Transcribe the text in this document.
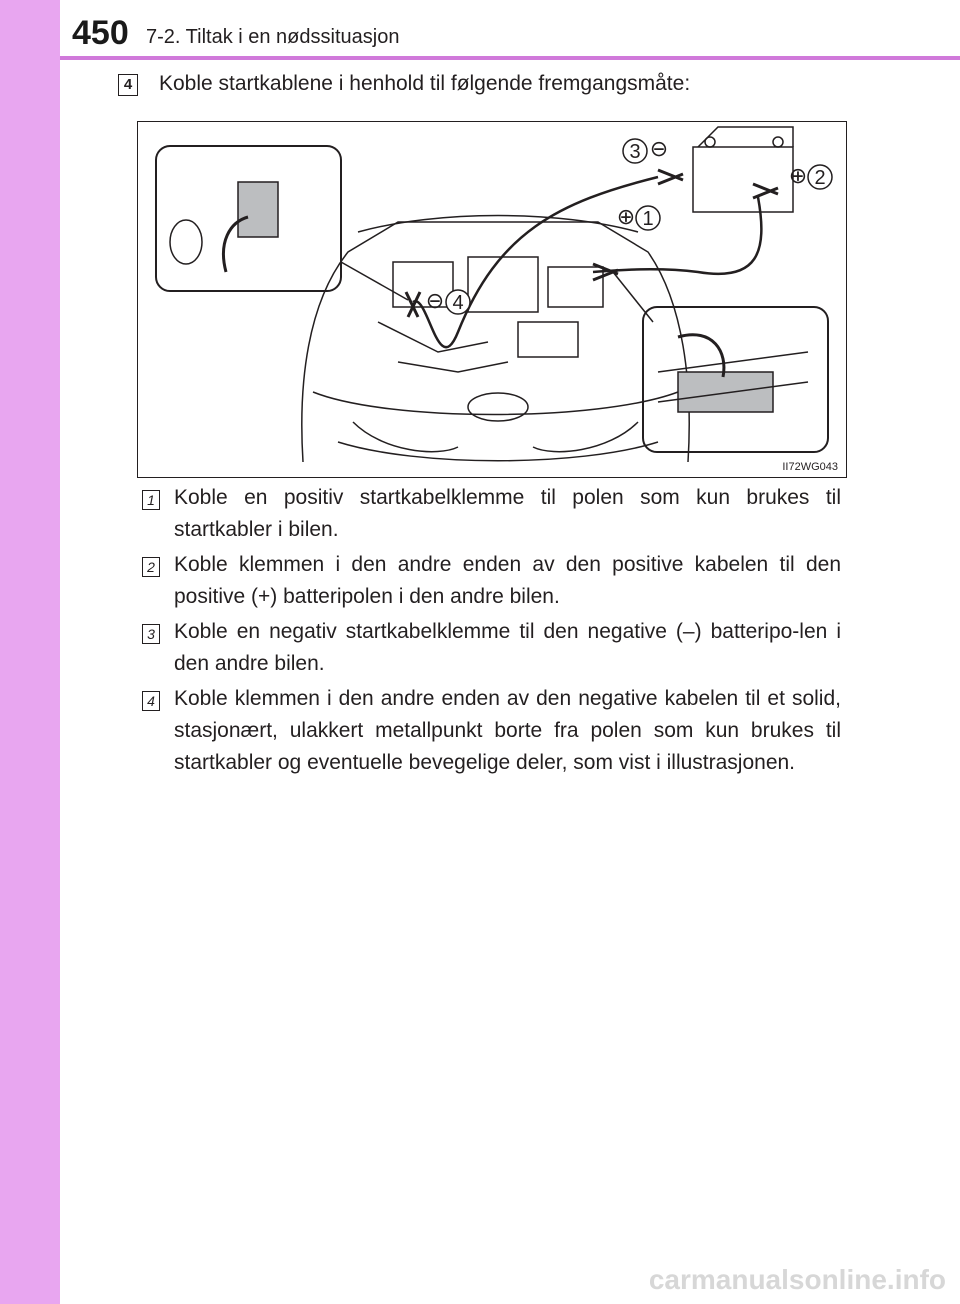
450 7-2. Tiltak i en nødssituasjon
4 Koble startkablene i henhold til følgende fremgangsmåte:
3 ⊖
2
⊕
1
⊕
4
⊖
II72WG043
1 Koble en positiv startkabelklemme til polen som kun brukes til startkabler i bilen.
2 Koble klemmen i den andre enden av den positive kabelen til den positive (+) batteripolen i den andre bilen.
3 Koble en negativ startkabelklemme til den negative (–) batteripo-len i den andre bilen.
4 Koble klemmen i den andre enden av den negative kabelen til et solid, stasjonært, ulakkert metallpunkt borte fra polen som kun brukes til startkabler og eventuelle bevegelige deler, som vist i illustrasjonen.
carmanualsonline.info
